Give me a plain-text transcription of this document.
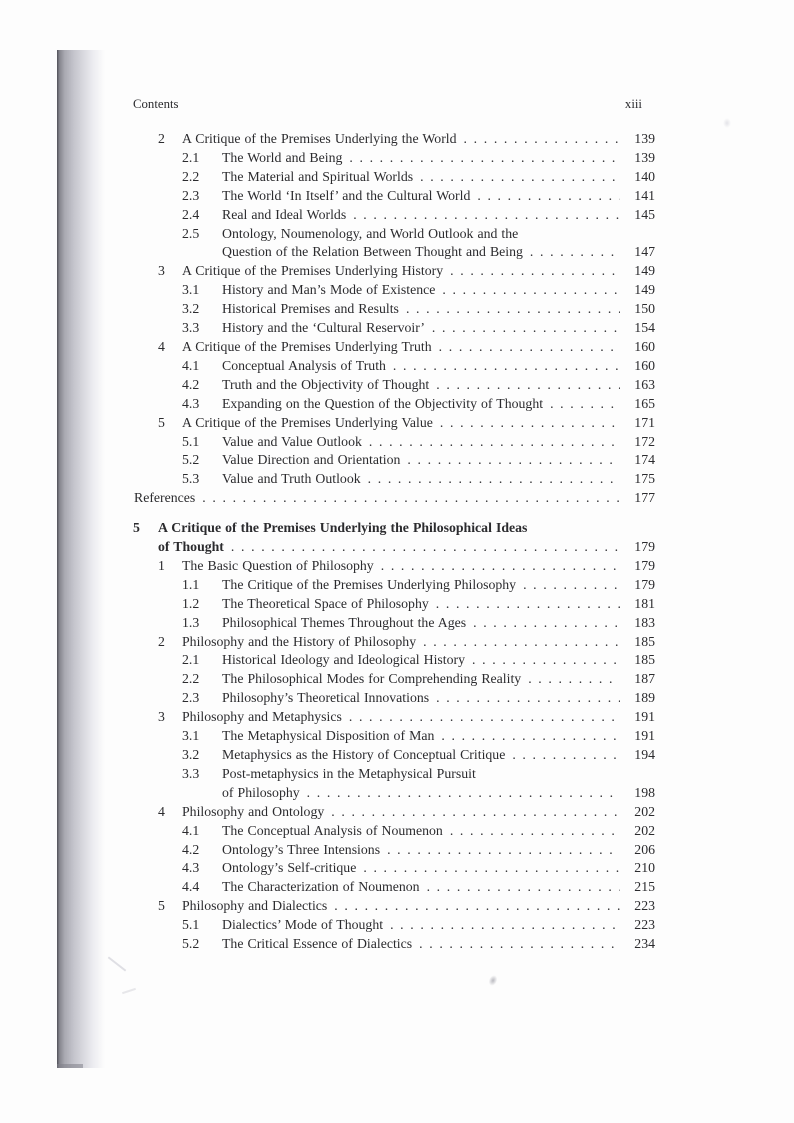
Contents	xiii
2	A Critique of the Premises Underlying the World . . .	139
2.1	The World and Being . . .	139
2.2	The Material and Spiritual Worlds . . .	140
2.3	The World ‘In Itself’ and the Cultural World . . .	141
2.4	Real and Ideal Worlds . . .	145
2.5	Ontology, Noumenology, and World Outlook and the
Question of the Relation Between Thought and Being . . .	147
3	A Critique of the Premises Underlying History . . .	149
3.1	History and Man’s Mode of Existence . . .	149
3.2	Historical Premises and Results . . .	150
3.3	History and the ‘Cultural Reservoir’ . . .	154
4	A Critique of the Premises Underlying Truth . . .	160
4.1	Conceptual Analysis of Truth . . .	160
4.2	Truth and the Objectivity of Thought . . .	163
4.3	Expanding on the Question of the Objectivity of Thought . . .	165
5	A Critique of the Premises Underlying Value . . .	171
5.1	Value and Value Outlook . . .	172
5.2	Value Direction and Orientation . . .	174
5.3	Value and Truth Outlook . . .	175
References . . .	177
5	A Critique of the Premises Underlying the Philosophical Ideas
of Thought . . .	179
1	The Basic Question of Philosophy . . .	179
1.1	The Critique of the Premises Underlying Philosophy . . .	179
1.2	The Theoretical Space of Philosophy . . .	181
1.3	Philosophical Themes Throughout the Ages . . .	183
2	Philosophy and the History of Philosophy . . .	185
2.1	Historical Ideology and Ideological History . . .	185
2.2	The Philosophical Modes for Comprehending Reality . . .	187
2.3	Philosophy’s Theoretical Innovations . . .	189
3	Philosophy and Metaphysics . . .	191
3.1	The Metaphysical Disposition of Man . . .	191
3.2	Metaphysics as the History of Conceptual Critique . . .	194
3.3	Post-metaphysics in the Metaphysical Pursuit
of Philosophy . . .	198
4	Philosophy and Ontology . . .	202
4.1	The Conceptual Analysis of Noumenon . . .	202
4.2	Ontology’s Three Intensions . . .	206
4.3	Ontology’s Self-critique . . .	210
4.4	The Characterization of Noumenon . . .	215
5	Philosophy and Dialectics . . .	223
5.1	Dialectics’ Mode of Thought . . .	223
5.2	The Critical Essence of Dialectics . . .	234
